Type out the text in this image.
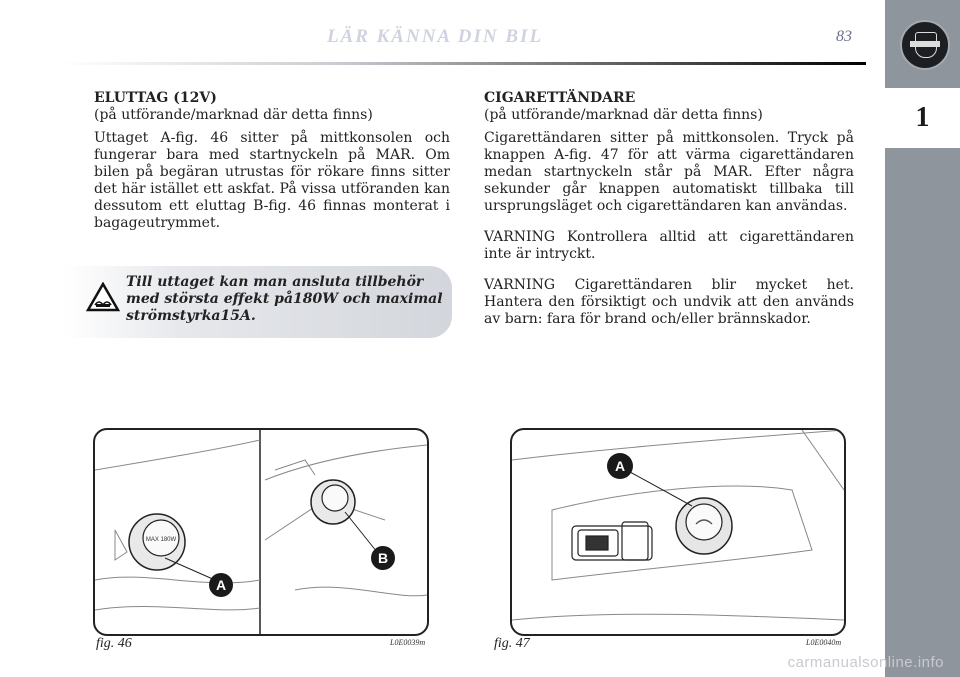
LÄR KÄNNA DIN BIL	83
1
ELUTTAG (12V)

(på utförande/marknad där detta finns)

Uttaget A-fig. 46 sitter på mittkonsolen och fungerar bara med startnyckeln på MAR. Om bilen på begäran utrustas för rökare finns sitter det här istället ett askfat. På vissa utföranden kan dessutom ett eluttag B-fig. 46 finnas monterat i bagageutrymmet.

Till uttaget kan man ansluta tillbehör med största effekt på180W och maximal strömstyrka15A.
CIGARETTÄNDARE

(på utförande/marknad där detta finns)

Cigarettändaren sitter på mittkonsolen. Tryck på knappen A-fig. 47 för att värma cigarettändaren medan startnyckeln står på MAR. Efter några sekunder går knappen automatiskt tillbaka till ursprungsläget och cigarettändaren kan användas.

VARNING Kontrollera alltid att cigarettändaren inte är intryckt.

VARNING Cigarettändaren blir mycket het. Hantera den försiktigt och undvik att den används av barn: fara för brand och/eller brännskador.

MAX 180W
A
B
fig. 46	L0E0039m
A
fig. 47	L0E0040m
carmanualsonline.info
